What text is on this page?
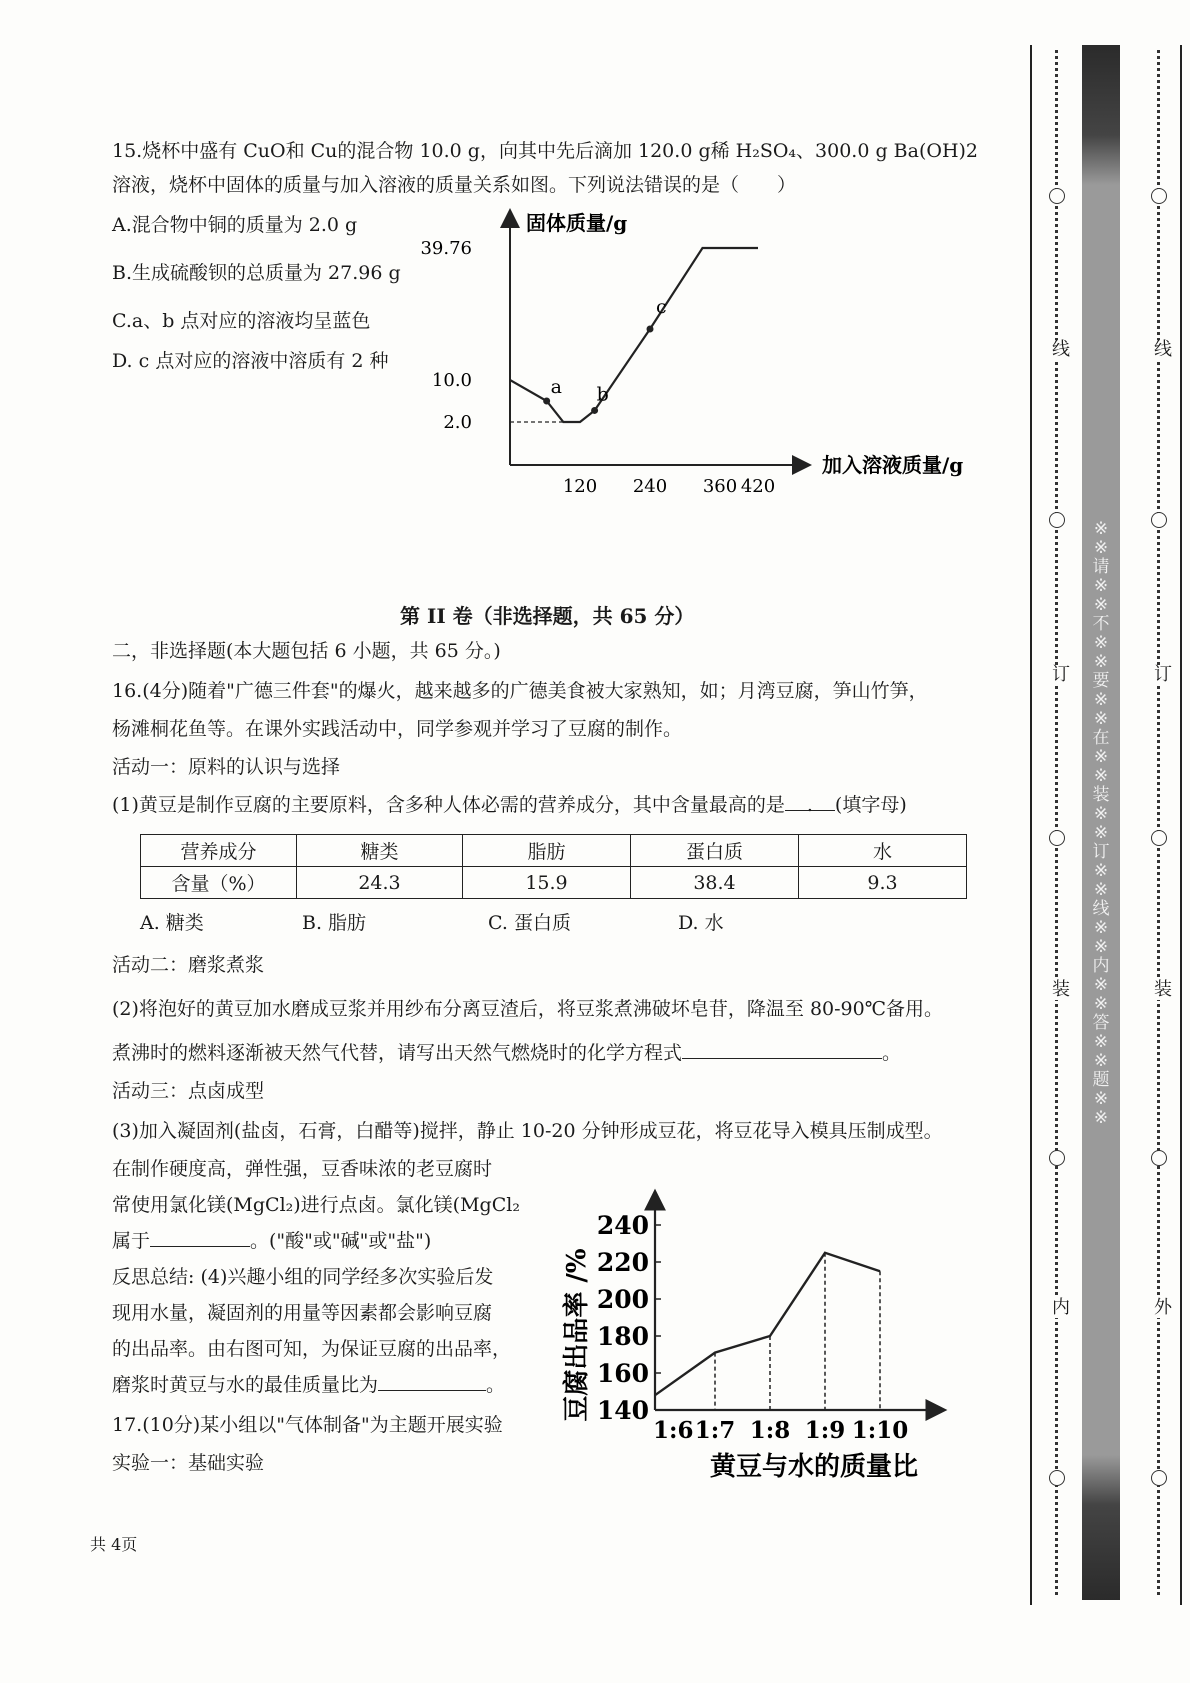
15.烧杯中盛有 CuO和 Cu的混合物 10.0 g，向其中先后滴加 120.0 g稀 H₂SO₄、300.0 g Ba(OH)2
溶液，烧杯中固体的质量与加入溶液的质量关系如图。下列说法错误的是（　　）
A.混合物中铜的质量为 2.0 g
B.生成硫酸钡的总质量为 27.96 g
C.a、b 点对应的溶液均呈蓝色
D. c 点对应的溶液中溶质有 2 种
固体质量/g
加入溶液质量/g
2.0
10.0
39.76
120 240 360 420
a b
c
第 II 卷（非选择题，共 65 分）
二，非选择题(本大题包括 6 小题，共 65 分。)
16.(4分)随着"广德三件套"的爆火，越来越多的广德美食被大家熟知，如；月湾豆腐，笋山竹笋，
杨滩桐花鱼等。在课外实践活动中，同学参观并学习了豆腐的制作。
活动一：原料的认识与选择
(1)黄豆是制作豆腐的主要原料，含多种人体必需的营养成分，其中含量最高的是 . (填字母)
营养成分	糖类	脂肪	蛋白质	水
含量（%）	24.3	15.9	38.4	9.3
A. 糖类	B. 脂肪	C. 蛋白质	D. 水
活动二：磨浆煮浆
(2)将泡好的黄豆加水磨成豆浆并用纱布分离豆渣后，将豆浆煮沸破坏皂苷，降温至 80-90℃备用。
煮沸时的燃料逐渐被天然气代替，请写出天然气燃烧时的化学方程式	。
活动三：点卤成型
(3)加入凝固剂(盐卤，石膏，白醋等)搅拌，静止 10-20 分钟形成豆花，将豆花导入模具压制成型。
在制作硬度高，弹性强，豆香味浓的老豆腐时
常使用氯化镁(MgCl₂)进行点卤。氯化镁(MgCl₂
属于	。("酸"或"碱"或"盐")
反思总结: (4)兴趣小组的同学经多次实验后发
现用水量，凝固剂的用量等因素都会影响豆腐
的出品率。由右图可知，为保证豆腐的出品率，
磨浆时黄豆与水的最佳质量比为	。
17.(10分)某小组以"气体制备"为主题开展实验
实验一：基础实验
豆腐出品率 /%
黄豆与水的质量比
140
160
180
200
220
240
1:6 1:7 1:8 1:9 1:10
共 4页
※※请※※不※※要※※在※※装※※订※※线※※内※※答※※题※※
线
订
装
内
线
订
装
外
